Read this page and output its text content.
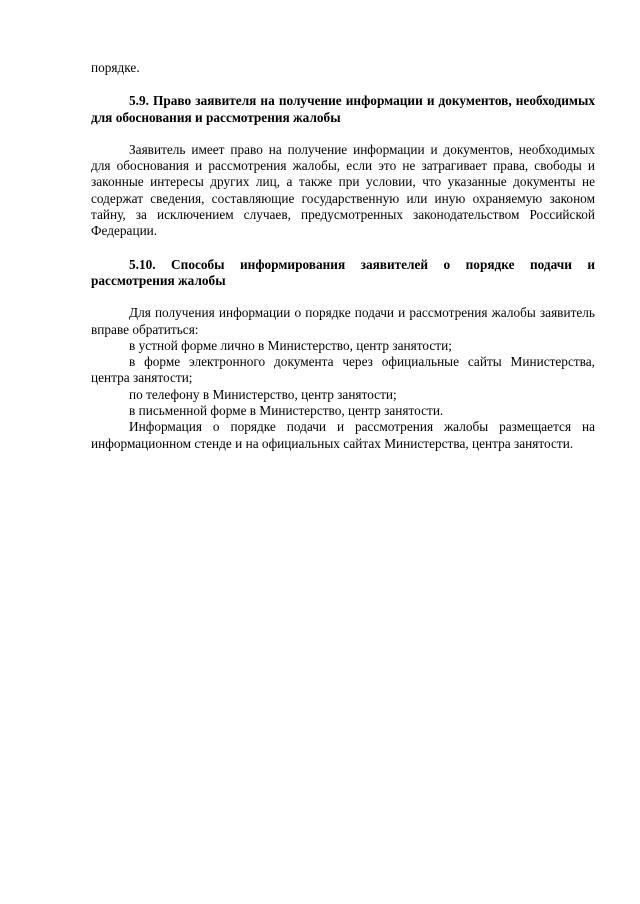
порядке.

5.9. Право заявителя на получение информации и документов, необходимых для обоснования и рассмотрения жалобы

Заявитель имеет право на получение информации и документов, необходимых для обоснования и рассмотрения жалобы, если это не затрагивает права, свободы и законные интересы других лиц, а также при условии, что указанные документы не содержат сведения, составляющие государственную или иную охраняемую законом тайну, за исключением случаев, предусмотренных законодательством Российской Федерации.

5.10. Способы информирования заявителей о порядке подачи и рассмотрения жалобы

Для получения информации о порядке подачи и рассмотрения жалобы заявитель вправе обратиться:

в устной форме лично в Министерство, центр занятости;

в форме электронного документа через официальные сайты Министерства, центра занятости;

по телефону в Министерство, центр занятости;

в письменной форме в Министерство, центр занятости.

Информация о порядке подачи и рассмотрения жалобы размещается на информационном стенде и на официальных сайтах Министерства, центра занятости.
